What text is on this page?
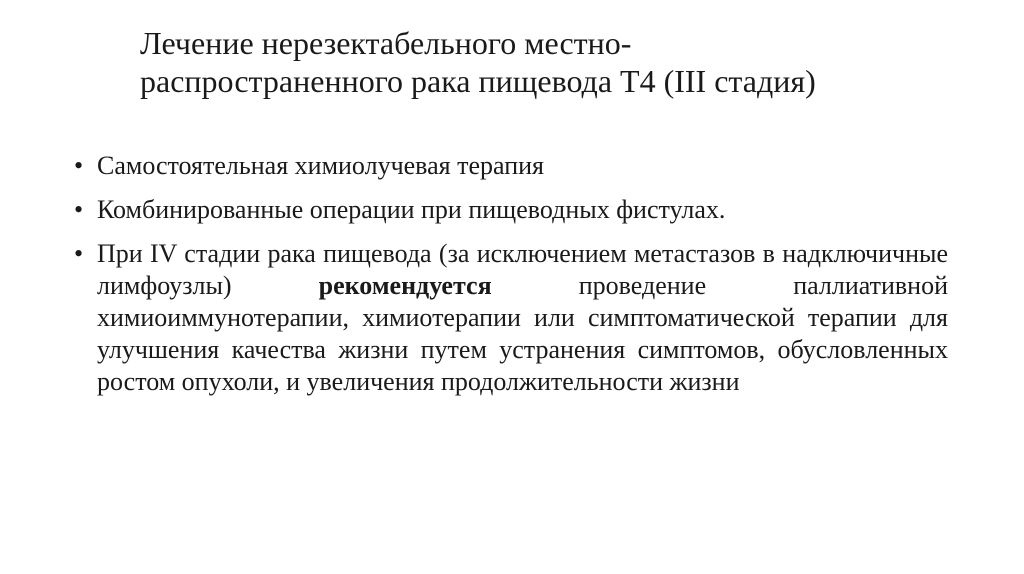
Лечение нерезектабельного местно-
распространенного рака пищевода Т4 (III стадия)
• Самостоятельная химиолучевая терапия
• Комбинированные операции при пищеводных фистулах.
• При IV стадии рака пищевода (за исключением метастазов в надключичные лимфоузлы) рекомендуется проведение паллиативной химиоиммунотерапии, химиотерапии или симптоматической терапии для улучшения качества жизни путем устранения симптомов, обусловленных ростом опухоли, и увеличения продолжительности жизни
